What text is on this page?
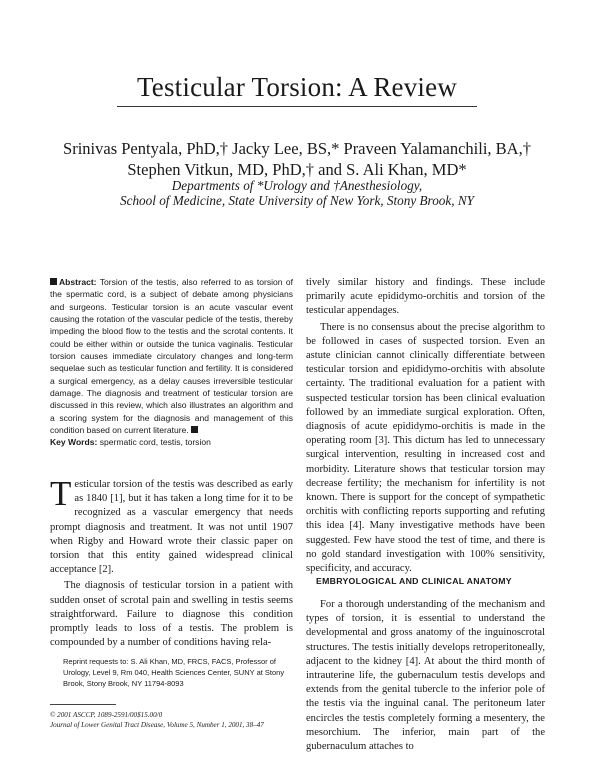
Testicular Torsion: A Review
Srinivas Pentyala, PhD,† Jacky Lee, BS,* Praveen Yalamanchili, BA,†
Stephen Vitkun, MD, PhD,† and S. Ali Khan, MD*
Departments of *Urology and †Anesthesiology,
School of Medicine, State University of New York, Stony Brook, NY
Abstract: Torsion of the testis, also referred to as torsion of the spermatic cord, is a subject of debate among physicians and surgeons. Testicular torsion is an acute vascular event causing the rotation of the vascular pedicle of the testis, thereby impeding the blood flow to the testis and the scrotal contents. It could be either within or outside the tunica vaginalis. Testicular torsion causes immediate circulatory changes and long-term sequelae such as testicular function and fertility. It is considered a surgical emergency, as a delay causes irreversible testicular damage. The diagnosis and treatment of testicular torsion are discussed in this review, which also illustrates an algorithm and a scoring system for the diagnosis and management of this condition based on current literature.
Key Words: spermatic cord, testis, torsion

Testicular torsion of the testis was described as early as 1840 [1], but it has taken a long time for it to be recognized as a vascular emergency that needs prompt diagnosis and treatment. It was not until 1907 when Rigby and Howard wrote their classic paper on torsion that this entity gained widespread clinical acceptance [2].

The diagnosis of testicular torsion in a patient with sudden onset of scrotal pain and swelling in testis seems straightforward. Failure to diagnose this condition promptly leads to loss of a testis. The problem is compounded by a number of conditions having rela-

Reprint requests to: S. Ali Khan, MD, FRCS, FACS, Professor of Urology, Level 9, Rm 040, Health Sciences Center, SUNY at Stony Brook, Stony Brook, NY 11794-8093
© 2001 ASCCP, 1089-2591/00$15.00/0
Journal of Lower Genital Tract Disease, Volume 5, Number 1, 2001, 38–47

tively similar history and findings. These include primarily acute epididymo-orchitis and torsion of the testicular appendages.

There is no consensus about the precise algorithm to be followed in cases of suspected torsion. Even an astute clinician cannot clinically differentiate between testicular torsion and epididymo-orchitis with absolute certainty. The traditional evaluation for a patient with suspected testicular torsion has been clinical evaluation followed by an immediate surgical exploration. Often, diagnosis of acute epididymo-orchitis is made in the operating room [3]. This dictum has led to unnecessary surgical intervention, resulting in increased cost and morbidity. Literature shows that testicular torsion may decrease fertility; the mechanism for infertility is not known. There is support for the concept of sympathetic orchitis with conflicting reports supporting and refuting this idea [4]. Many investigative methods have been suggested. Few have stood the test of time, and there is no gold standard investigation with 100% sensitivity, specificity, and accuracy.

EMBRYOLOGICAL AND CLINICAL ANATOMY

For a thorough understanding of the mechanism and types of torsion, it is essential to understand the developmental and gross anatomy of the inguinoscrotal structures. The testis initially develops retroperitoneally, adjacent to the kidney [4]. At about the third month of intrauterine life, the gubernaculum testis develops and extends from the genital tubercle to the inferior pole of the testis via the inguinal canal. The peritoneum later encircles the testis completely forming a mesentery, the mesorchium. The inferior, main part of the gubernaculum attaches to
